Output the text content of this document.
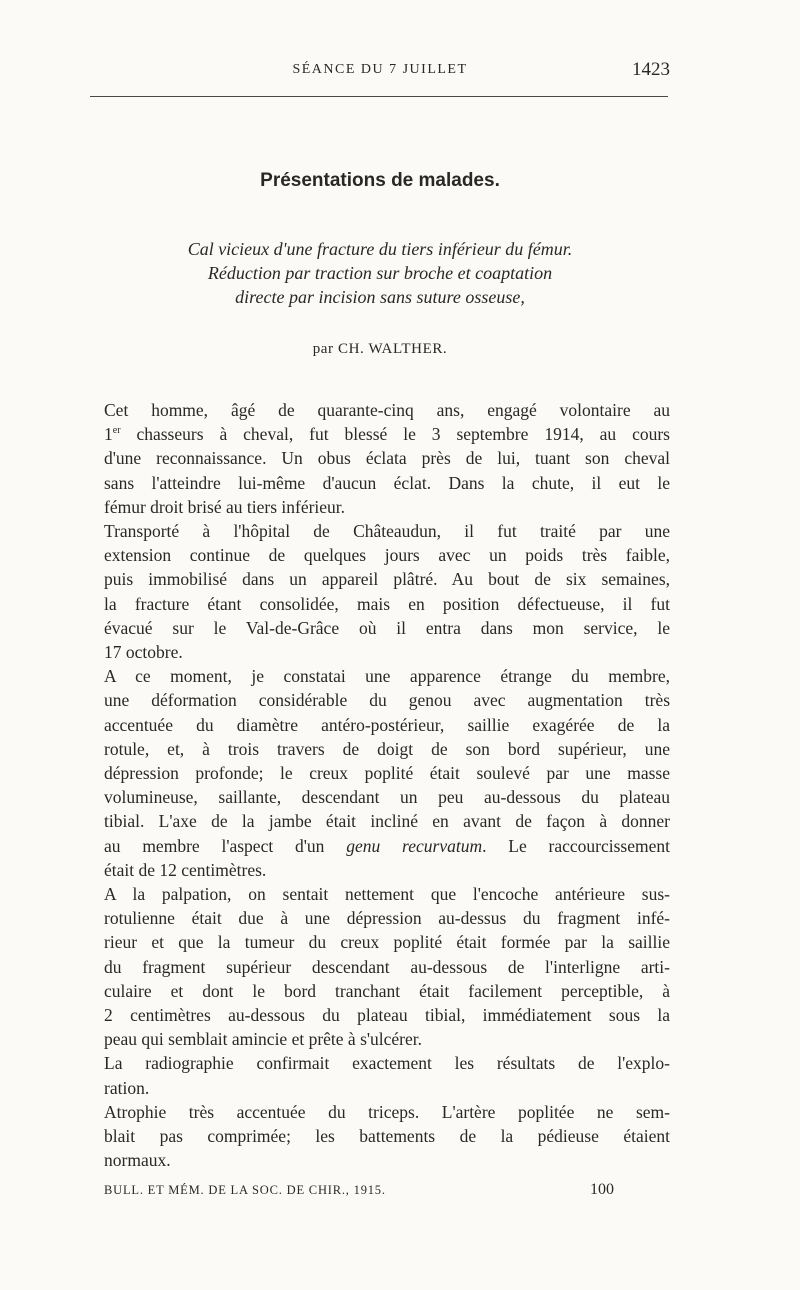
SÉANCE DU 7 JUILLET	1423
Présentations de malades.
Cal vicieux d'une fracture du tiers inférieur du fémur.
Réduction par traction sur broche et coaptation
directe par incision sans suture osseuse,
par CH. WALTHER.
Cet homme, âgé de quarante-cinq ans, engagé volontaire au
1er chasseurs à cheval, fut blessé le 3 septembre 1914, au cours
d'une reconnaissance. Un obus éclata près de lui, tuant son cheval
sans l'atteindre lui-même d'aucun éclat. Dans la chute, il eut le
fémur droit brisé au tiers inférieur.
Transporté à l'hôpital de Châteaudun, il fut traité par une
extension continue de quelques jours avec un poids très faible,
puis immobilisé dans un appareil plâtré. Au bout de six semaines,
la fracture étant consolidée, mais en position défectueuse, il fut
évacué sur le Val-de-Grâce où il entra dans mon service, le
17 octobre.
A ce moment, je constatai une apparence étrange du membre,
une déformation considérable du genou avec augmentation très
accentuée du diamètre antéro-postérieur, saillie exagérée de la
rotule, et, à trois travers de doigt de son bord supérieur, une
dépression profonde; le creux poplité était soulevé par une masse
volumineuse, saillante, descendant un peu au-dessous du plateau
tibial. L'axe de la jambe était incliné en avant de façon à donner
au membre l'aspect d'un genu recurvatum. Le raccourcissement
était de 12 centimètres.
A la palpation, on sentait nettement que l'encoche antérieure sus-
rotulienne était due à une dépression au-dessus du fragment infé-
rieur et que la tumeur du creux poplité était formée par la saillie
du fragment supérieur descendant au-dessous de l'interligne arti-
culaire et dont le bord tranchant était facilement perceptible, à
2 centimètres au-dessous du plateau tibial, immédiatement sous la
peau qui semblait amincie et prête à s'ulcérer.
La radiographie confirmait exactement les résultats de l'explo-
ration.
Atrophie très accentuée du triceps. L'artère poplitée ne sem-
blait pas comprimée; les battements de la pédieuse étaient
normaux.
BULL. ET MÉM. DE LA SOC. DE CHIR., 1915.	100
